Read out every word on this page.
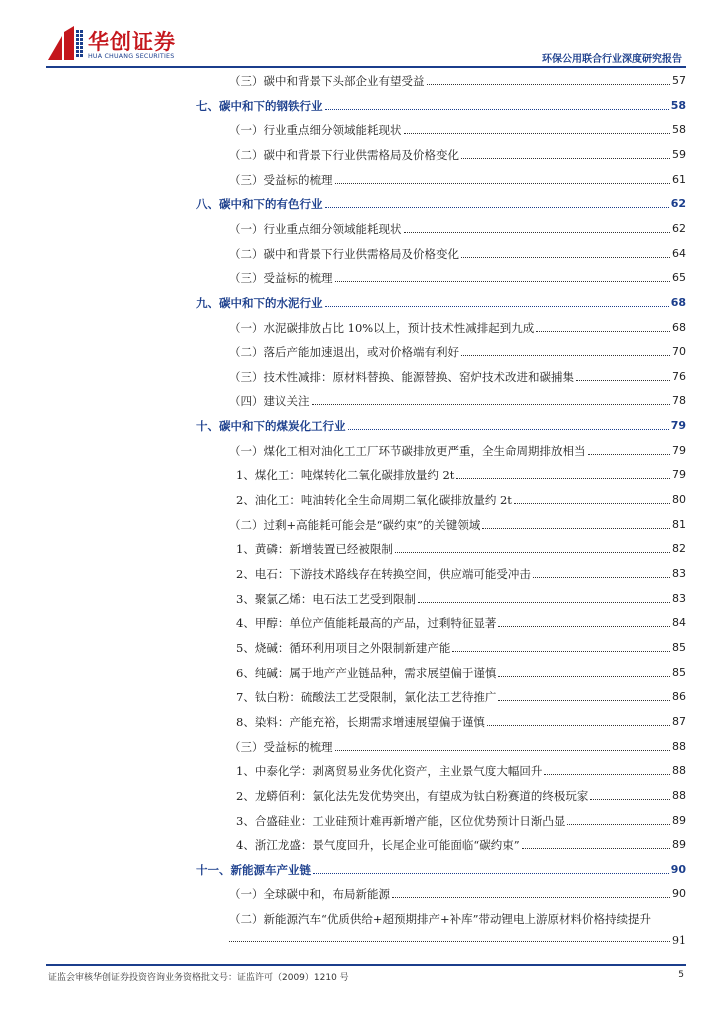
华创证券
HUA CHUANG SECURITIES	环保公用联合行业深度研究报告
（三）碳中和背景下头部企业有望受益	57
七、碳中和下的钢铁行业	58
（一）行业重点细分领域能耗现状	58
（二）碳中和背景下行业供需格局及价格变化	59
（三）受益标的梳理	61
八、碳中和下的有色行业	62
（一）行业重点细分领域能耗现状	62
（二）碳中和背景下行业供需格局及价格变化	64
（三）受益标的梳理	65
九、碳中和下的水泥行业	68
（一）水泥碳排放占比 10%以上，预计技术性减排起到九成	68
（二）落后产能加速退出，或对价格端有利好	70
（三）技术性减排：原材料替换、能源替换、窑炉技术改进和碳捕集	76
（四）建议关注	78
十、碳中和下的煤炭化工行业	79
（一）煤化工相对油化工工厂环节碳排放更严重，全生命周期排放相当	79
1、煤化工：吨煤转化二氧化碳排放量约 2t	79
2、油化工：吨油转化全生命周期二氧化碳排放量约 2t	80
（二）过剩+高能耗可能会是“碳约束”的关键领域	81
1、黄磷：新增装置已经被限制	82
2、电石：下游技术路线存在转换空间，供应端可能受冲击	83
3、聚氯乙烯：电石法工艺受到限制	83
4、甲醇：单位产值能耗最高的产品，过剩特征显著	84
5、烧碱：循环利用项目之外限制新建产能	85
6、纯碱：属于地产产业链品种，需求展望偏于谨慎	85
7、钛白粉：硫酸法工艺受限制，氯化法工艺待推广	86
8、染料：产能充裕，长期需求增速展望偏于谨慎	87
（三）受益标的梳理	88
1、中泰化学：剥离贸易业务优化资产，主业景气度大幅回升	88
2、龙蟒佰利：氯化法先发优势突出，有望成为钛白粉赛道的终极玩家	88
3、合盛硅业：工业硅预计难再新增产能，区位优势预计日渐凸显	89
4、浙江龙盛：景气度回升，长尾企业可能面临“碳约束”	89
十一、新能源车产业链	90
（一）全球碳中和，布局新能源	90
（二）新能源汽车“优质供给+超预期排产+补库”带动锂电上游原材料价格持续提升
91
证监会审核华创证券投资咨询业务资格批文号：证监许可（2009）1210 号	5
